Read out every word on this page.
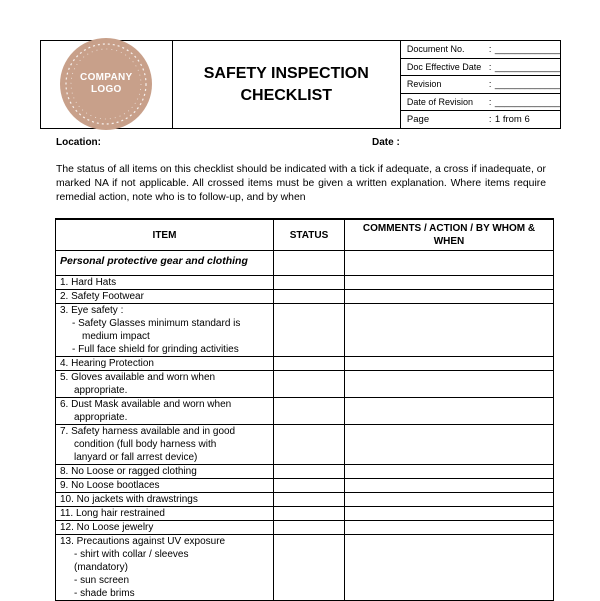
COMPANY
LOGO
SAFETY INSPECTION
CHECKLIST
Document No.	: _____________
Doc Effective Date : _____________
Revision	: _____________
Date of Revision	: _____________
Page	: 1 from 6
Location:	Date :
The status of all items on this checklist should be indicated with a tick if adequate, a cross if inadequate, or marked NA if not applicable. All crossed items must be given a written explanation. Where items require remedial action, note who is to follow-up, and by when
ITEM	STATUS	COMMENTS / ACTION / BY WHOM &
WHEN

Personal protective gear and clothing		

1. Hard Hats		

2. Safety Footwear		

3. Eye safety :
- Safety Glasses minimum standard is
medium impact
- Full face shield for grinding activities		

4. Hearing Protection		

5. Gloves available and worn when
appropriate.		

6. Dust Mask available and worn when
appropriate.		

7. Safety harness available and in good
condition (full body harness with
lanyard or fall arrest device)		

8. No Loose or ragged clothing		

9. No Loose bootlaces		

10. No jackets with drawstrings		

11. Long hair restrained		

12. No Loose jewelry		

13. Precautions against UV exposure
- shirt with collar / sleeves
(mandatory)
- sun screen
- shade brims		
